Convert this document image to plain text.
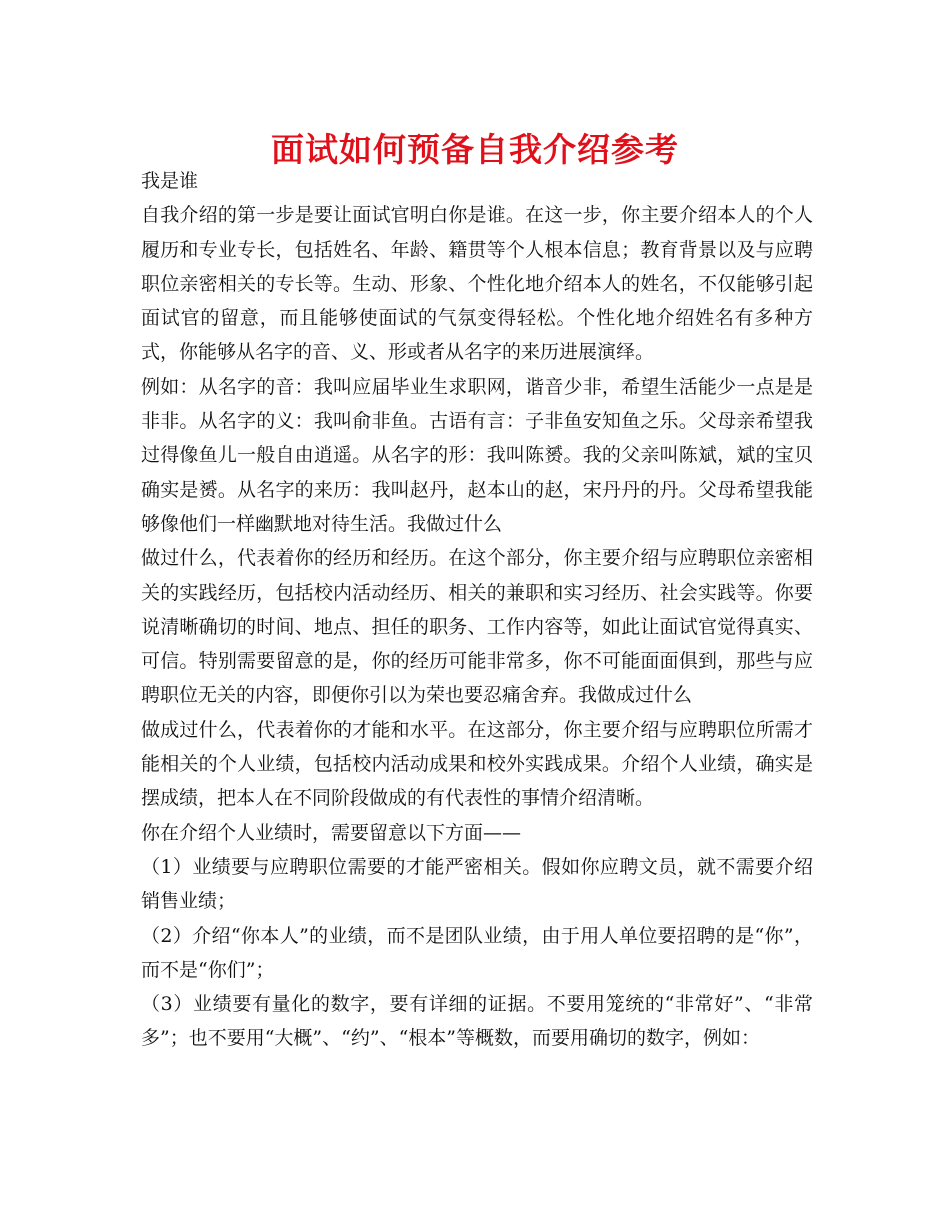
面试如何预备自我介绍参考

我是谁

自我介绍的第一步是要让面试官明白你是谁。在这一步，你主要介绍本人的个人履历和专业专长，包括姓名、年龄、籍贯等个人根本信息；教育背景以及与应聘职位亲密相关的专长等。生动、形象、个性化地介绍本人的姓名，不仅能够引起面试官的留意，而且能够使面试的气氛变得轻松。个性化地介绍姓名有多种方式，你能够从名字的音、义、形或者从名字的来历进展演绎。

例如：从名字的音：我叫应届毕业生求职网，谐音少非，希望生活能少一点是是非非。从名字的义：我叫俞非鱼。古语有言：子非鱼安知鱼之乐。父母亲希望我过得像鱼儿一般自由逍遥。从名字的形：我叫陈赟。我的父亲叫陈斌，斌的宝贝确实是赟。从名字的来历：我叫赵丹，赵本山的赵，宋丹丹的丹。父母希望我能够像他们一样幽默地对待生活。我做过什么

做过什么，代表着你的经历和经历。在这个部分，你主要介绍与应聘职位亲密相关的实践经历，包括校内活动经历、相关的兼职和实习经历、社会实践等。你要说清晰确切的时间、地点、担任的职务、工作内容等，如此让面试官觉得真实、可信。特别需要留意的是，你的经历可能非常多，你不可能面面俱到，那些与应聘职位无关的内容，即便你引以为荣也要忍痛舍弃。我做成过什么

做成过什么，代表着你的才能和水平。在这部分，你主要介绍与应聘职位所需才能相关的个人业绩，包括校内活动成果和校外实践成果。介绍个人业绩，确实是摆成绩，把本人在不同阶段做成的有代表性的事情介绍清晰。

你在介绍个人业绩时，需要留意以下方面——

（1）业绩要与应聘职位需要的才能严密相关。假如你应聘文员，就不需要介绍销售业绩；

（2）介绍“你本人”的业绩，而不是团队业绩，由于用人单位要招聘的是“你”，而不是“你们”；

（3）业绩要有量化的数字，要有详细的证据。不要用笼统的“非常好”、“非常多”；也不要用“大概”、“约”、“根本”等概数，而要用确切的数字，例如：
